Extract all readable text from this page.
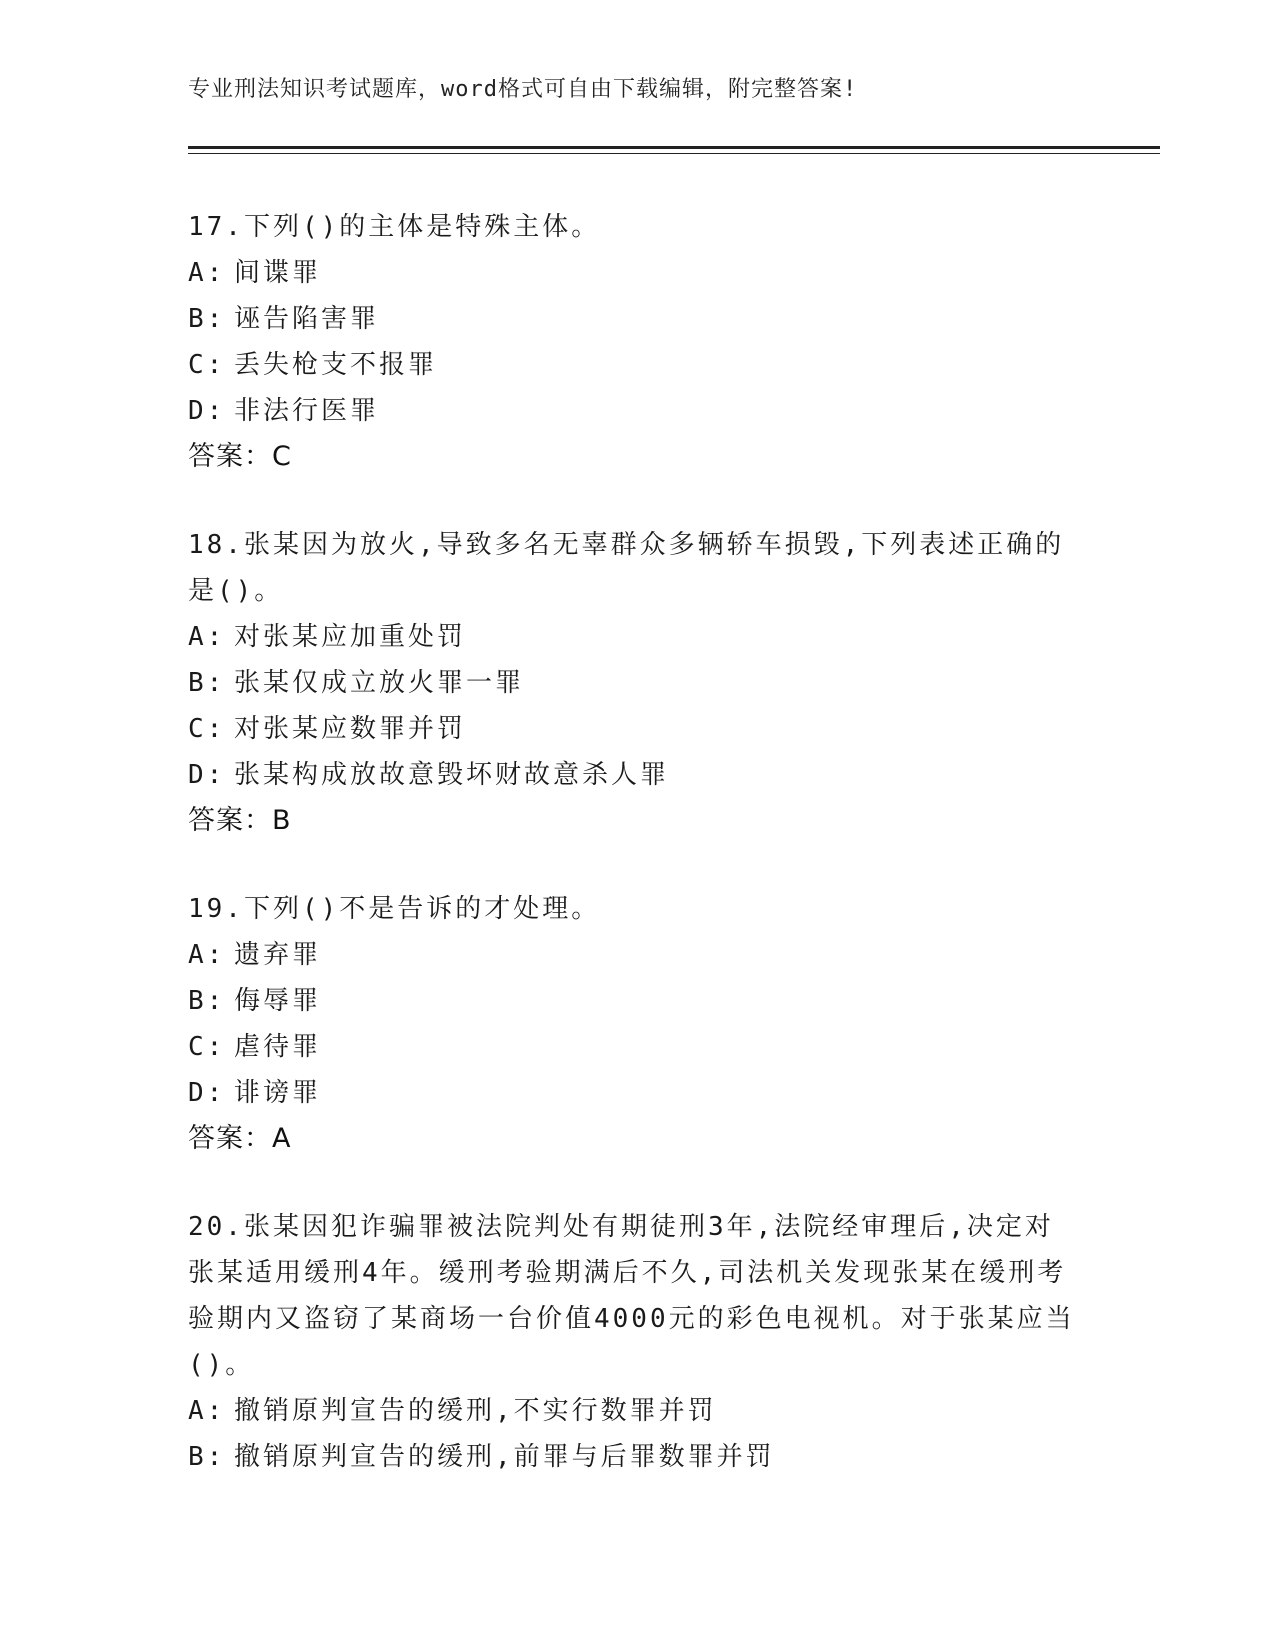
专业刑法知识考试题库，word格式可自由下载编辑，附完整答案!

17.下列()的主体是特殊主体。

A: 间谍罪

B: 诬告陷害罪

C: 丢失枪支不报罪

D: 非法行医罪

答案：C

18.张某因为放火,导致多名无辜群众多辆轿车损毁,下列表述正确的是()。

A: 对张某应加重处罚

B: 张某仅成立放火罪一罪

C: 对张某应数罪并罚

D: 张某构成放故意毁坏财故意杀人罪

答案：B

19.下列()不是告诉的才处理。

A: 遗弃罪

B: 侮辱罪

C: 虐待罪

D: 诽谤罪

答案：A

20.张某因犯诈骗罪被法院判处有期徒刑3年,法院经审理后,决定对张某适用缓刑4年。缓刑考验期满后不久,司法机关发现张某在缓刑考验期内又盗窃了某商场一台价值4000元的彩色电视机。对于张某应当()。

A: 撤销原判宣告的缓刑,不实行数罪并罚

B: 撤销原判宣告的缓刑,前罪与后罪数罪并罚
